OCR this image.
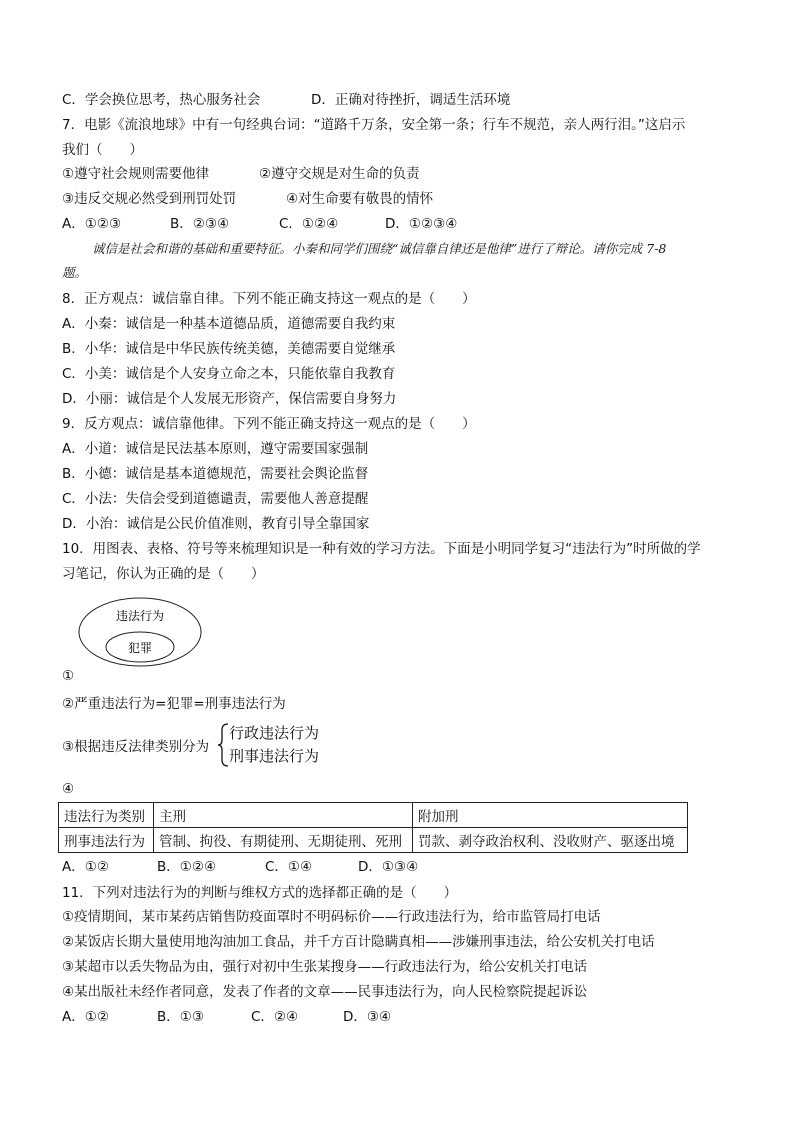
C．学会换位思考，热心服务社会	D．正确对待挫折，调适生活环境
7．电影《流浪地球》中有一句经典台词：“道路千万条，安全第一条；行车不规范，亲人两行泪。”这启示
我们（　　）
①遵守社会规则需要他律	②遵守交规是对生命的负责
③违反交规必然受到刑罚处罚	④对生命要有敬畏的情怀
A．①②③	B．②③④	C．①②④	D．①②③④
诚信是社会和谐的基础和重要特征。小秦和同学们围绕“诚信靠自律还是他律”进行了辩论。请你完成 7-8
题。
8．正方观点：诚信靠自律。下列不能正确支持这一观点的是（　　）
A．小秦：诚信是一种基本道德品质，道德需要自我约束
B．小华：诚信是中华民族传统美德，美德需要自觉继承
C．小美：诚信是个人安身立命之本，只能依靠自我教育
D．小丽：诚信是个人发展无形资产，保信需要自身努力
9．反方观点：诚信靠他律。下列不能正确支持这一观点的是（　　）
A．小道：诚信是民法基本原则，遵守需要国家强制
B．小德：诚信是基本道德规范，需要社会舆论监督
C．小法：失信会受到道德谴责，需要他人善意提醒
D．小治：诚信是公民价值准则，教育引导全靠国家
10．用图表、表格、符号等来梳理知识是一种有效的学习方法。下面是小明同学复习“违法行为”时所做的学
习笔记，你认为正确的是（　　）
违法行为
犯罪
①
②严重违法行为=犯罪=刑事违法行为
③根据违反法律类别分为
行政违法行为
刑事违法行为
④
违法行为类别	主刑	附加刑
刑事违法行为	管制、拘役、有期徒刑、无期徒刑、死刑	罚款、剥夺政治权利、没收财产、驱逐出境
A．①②	B．①②④	C．①④	D．①③④
11．下列对违法行为的判断与维权方式的选择都正确的是（　　）
①疫情期间，某市某药店销售防疫面罩时不明码标价——行政违法行为，给市监管局打电话
②某饭店长期大量使用地沟油加工食品，并千方百计隐瞒真相——涉嫌刑事违法，给公安机关打电话
③某超市以丢失物品为由，强行对初中生张某搜身——行政违法行为，给公安机关打电话
④某出版社未经作者同意，发表了作者的文章——民事违法行为，向人民检察院提起诉讼
A．①②	B．①③	C．②④	D．③④
